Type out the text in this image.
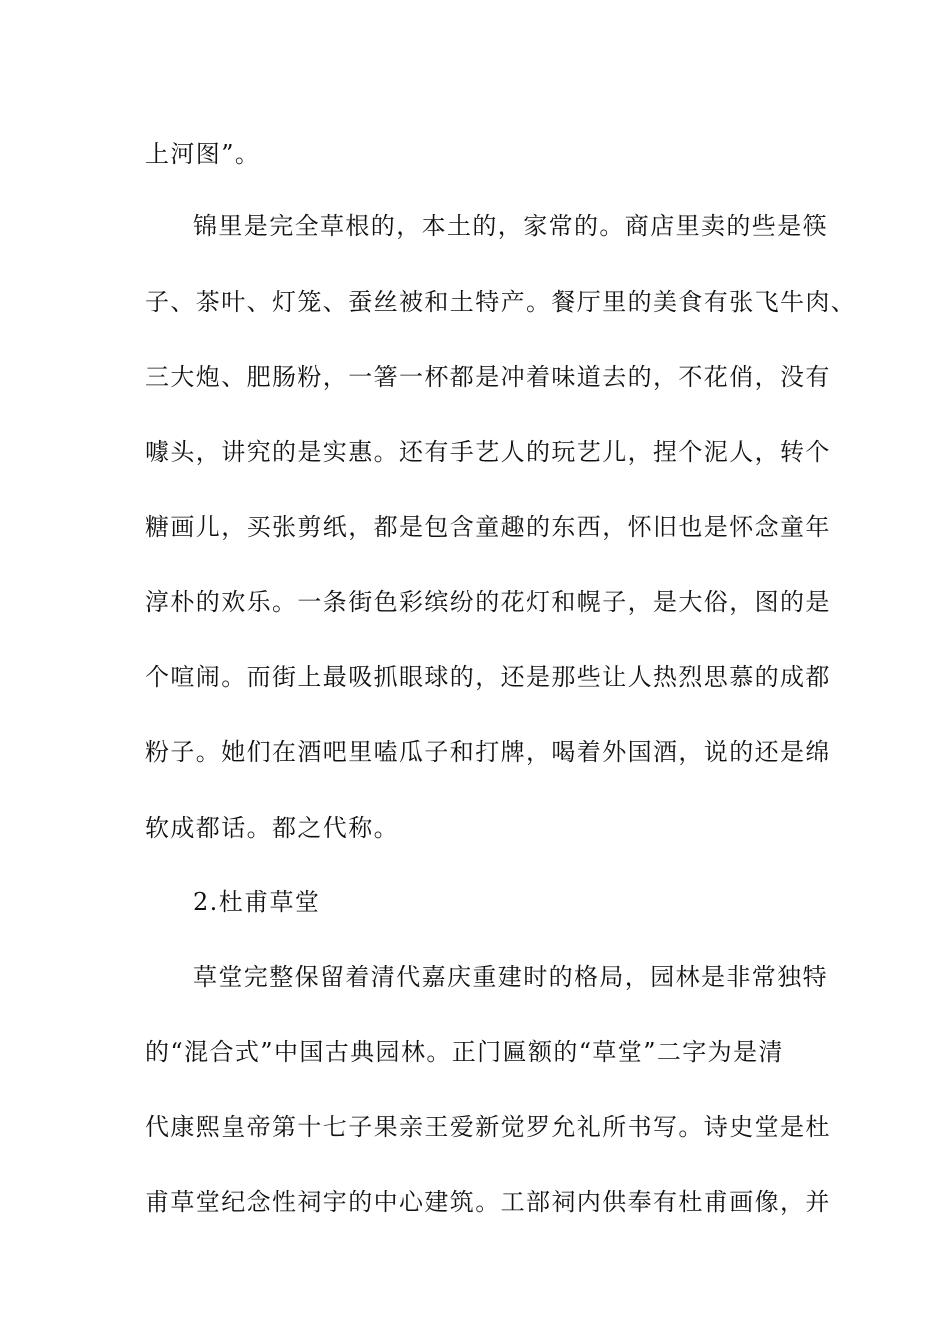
上河图”。
锦里是完全草根的，本土的，家常的。商店里卖的些是筷
子、茶叶、灯笼、蚕丝被和土特产。餐厅里的美食有张飞牛肉、
三大炮、肥肠粉，一箸一杯都是冲着味道去的，不花俏，没有
噱头，讲究的是实惠。还有手艺人的玩艺儿，捏个泥人，转个
糖画儿，买张剪纸，都是包含童趣的东西，怀旧也是怀念童年
淳朴的欢乐。一条街色彩缤纷的花灯和幌子，是大俗，图的是
个喧闹。而街上最吸抓眼球的，还是那些让人热烈思慕的成都
粉子。她们在酒吧里嗑瓜子和打牌，喝着外国酒，说的还是绵
软成都话。都之代称。
2.杜甫草堂
草堂完整保留着清代嘉庆重建时的格局，园林是非常独特
的“混合式”中国古典园林。正门匾额的“草堂”二字为是清
代康熙皇帝第十七子果亲王爱新觉罗允礼所书写。诗史堂是杜
甫草堂纪念性祠宇的中心建筑。工部祠内供奉有杜甫画像，并
